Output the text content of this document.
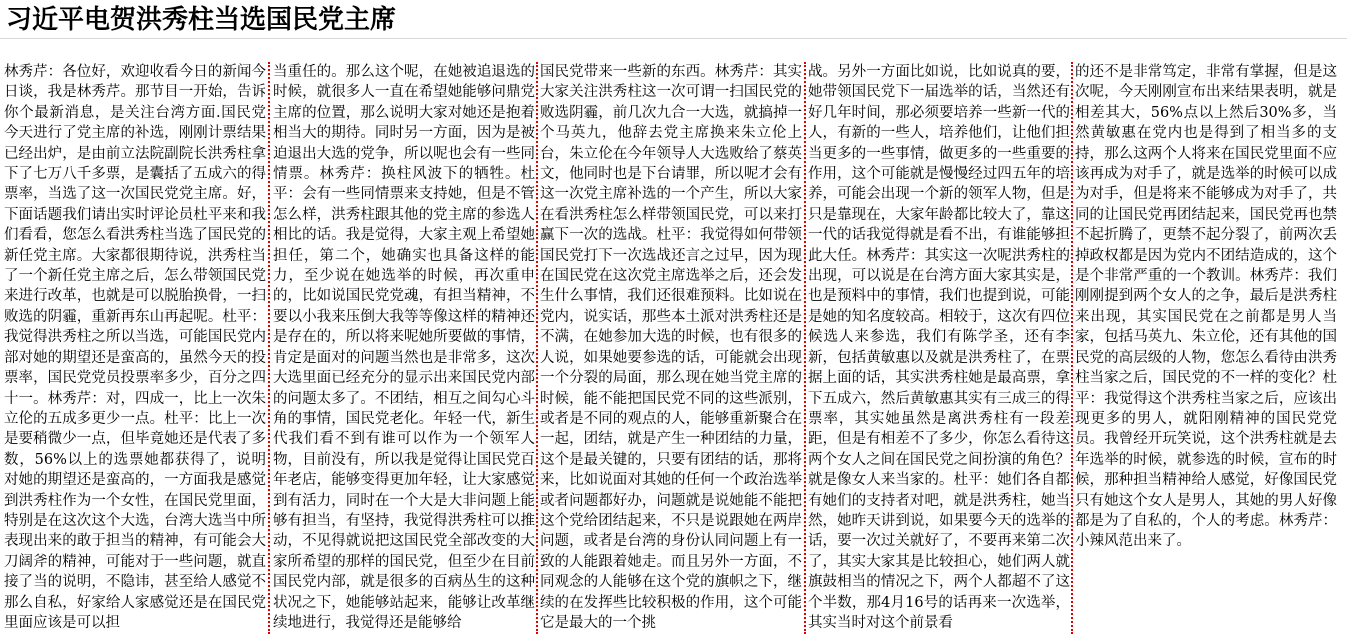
习近平电贺洪秀柱当选国民党主席
林秀芹：各位好，欢迎收看今日的新闻今日谈，我是林秀芹。那节目一开始，告诉你个最新消息，是关注台湾方面.国民党今天进行了党主席的补选，刚刚计票结果已经出炉，是由前立法院副院长洪秀柱拿下了七万八千多票，是囊括了五成六的得票率，当选了这一次国民党党主席。好，下面话题我们请出实时评论员杜平来和我们看看，您怎么看洪秀柱当选了国民党的新任党主席。大家都很期待说，洪秀柱当了一个新任党主席之后，怎么带领国民党来进行改革，也就是可以脱胎换骨，一扫败选的阴霾，重新再东山再起呢。杜平：我觉得洪秀柱之所以当选，可能国民党内部对她的期望还是蛮高的，虽然今天的投票率，国民党党员投票率多少，百分之四十一。林秀芹：对，四成一，比上一次朱立伦的五成多更少一点。杜平：比上一次是要稍微少一点，但毕竟她还是代表了多数，56%以上的选票她都获得了，说明对她的期望还是蛮高的，一方面我是感觉到洪秀柱作为一个女性，在国民党里面，特别是在这次这个大选，台湾大选当中所表现出来的敢于担当的精神，有可能会大刀阔斧的精神，可能对于一些问题，就直接了当的说明，不隐讳，甚至给人感觉不那么自私，好家给人家感觉还是在国民党里面应该是可以担
当重任的。那么这个呢，在她被追退选的时候，就很多人一直在希望她能够问鼎党主席的位置，那么说明大家对她还是抱着相当大的期待。同时另一方面，因为是被迫退出大选的党争，所以呢也会有一些同情票。林秀芹：换柱风波下的牺牲。杜平：会有一些同情票来支持她，但是不管怎么样，洪秀柱跟其他的党主席的参选人相比的话。我是觉得，大家主观上希望她担任，第二个，她确实也具备这样的能力，至少说在她选举的时候，再次重申的，比如说国民党党魂，有担当精神，不要以小我来压倒大我等等像这样的精神还是存在的，所以将来呢她所要做的事情，肯定是面对的问题当然也是非常多，这次大选里面已经充分的显示出来国民党内部的问题太多了。不团结，相互之间勾心斗角的事情，国民党老化。年轻一代，新生代我们看不到有谁可以作为一个领军人物，目前没有，所以我是觉得让国民党百年老店，能够变得更加年轻，让大家感觉到有活力，同时在一个大是大非问题上能够有担当，有坚持，我觉得洪秀柱可以推动，不见得就说把这国民党全部改变的大家所希望的那样的国民党，但至少在目前国民党内部，就是很多的百病丛生的这种状况之下，她能够站起来，能够让改革继续地进行，我觉得还是能够给
国民党带来一些新的东西。林秀芹：其实大家关注洪秀柱这一次可谓一扫国民党的败选阴霾，前几次九合一大选，就搞掉一个马英九，他辞去党主席换来朱立伦上台，朱立伦在今年领导人大选败给了蔡英文，他同时也是下台请罪，所以呢才会有这一次党主席补选的一个产生，所以大家在看洪秀柱怎么样带领国民党，可以来打赢下一次的选战。杜平：我觉得如何带领国民党打下一次选战还言之过早，因为现在国民党在这次党主席选举之后，还会发生什么事情，我们还很难预料。比如说在党内，说实话，那些本土派对洪秀柱还是不满，在她参加大选的时候，也有很多的人说，如果她要参选的话，可能就会出现一个分裂的局面，那么现在她当党主席的时候，能不能把国民党不同的这些派别，或者是不同的观点的人，能够重新聚合在一起，团结，就是产生一种团结的力量，这个是最关键的，只要有团结的话，那将来，比如说面对其她的任何一个政治选举或者问题都好办，问题就是说她能不能把这个党给团结起来，不只是说跟她在两岸问题，或者是台湾的身份认同问题上有一致的人能跟着她走。而且另外一方面，不同观念的人能够在这个党的旗帜之下，继续的在发挥些比较积极的作用，这个可能它是最大的一个挑
战。另外一方面比如说，比如说真的要，她带领国民党下一届选举的话，当然还有好几年时间，那必须要培养一些新一代的人，有新的一些人，培养他们，让他们担当更多的一些事情，做更多的一些重要的作用，这个可能就是慢慢经过四五年的培养，可能会出现一个新的领军人物，但是只是靠现在，大家年龄都比较大了，靠这一代的话我觉得就是看不出，有谁能够担此大任。林秀芹：其实这一次呢洪秀柱的出现，可以说是在台湾方面大家其实是，也是预料中的事情，我们也提到说，可能是她的知名度较高。相较于，这次有四位候选人来参选，我们有陈学圣，还有李新，包括黄敏惠以及就是洪秀柱了，在票据上面的话，其实洪秀柱她是最高票，拿下五成六，然后黄敏惠其实有三成三的得票率，其实她虽然是离洪秀柱有一段差距，但是有相差不了多少，你怎么看待这两个女人之间在国民党之间扮演的角色？就是像女人来当家的。杜平：她们各自都有她们的支持者对吧，就是洪秀柱，她当然，她昨天讲到说，如果要今天的选举的话，要一次过关就好了，不要再来第二次了，其实大家其是比较担心，她们两人就旗鼓相当的情况之下，两个人都超不了这个半数，那4月16号的话再来一次选举，其实当时对这个前景看
的还不是非常笃定，非常有掌握，但是这次呢，今天刚刚宣布出来结果表明，就是相差其大，56%点以上然后30%多，当然黄敏惠在党内也是得到了相当多的支持，那么这两个人将来在国民党里面不应该再成为对手了，就是选举的时候可以成为对手，但是将来不能够成为对手了，共同的让国民党再团结起来，国民党再也禁不起折腾了，更禁不起分裂了，前两次丢掉政权都是因为党内不团结造成的，这个是个非常严重的一个教训。林秀芹：我们刚刚提到两个女人的之争，最后是洪秀柱来出现，其实国民党在之前都是男人当家，包括马英九、朱立伦，还有其他的国民党的高层级的人物，您怎么看待由洪秀柱当家之后，国民党的不一样的变化？杜平：我觉得这个洪秀柱当家之后，应该出现更多的男人，就阳刚精神的国民党党员。我曾经开玩笑说，这个洪秀柱就是去年选举的时候，就参选的时候，宣布的时候，那种担当精神给人感觉，好像国民党只有她这个女人是男人，其她的男人好像都是为了自私的，个人的考虑。林秀芹：小辣风范出来了。
